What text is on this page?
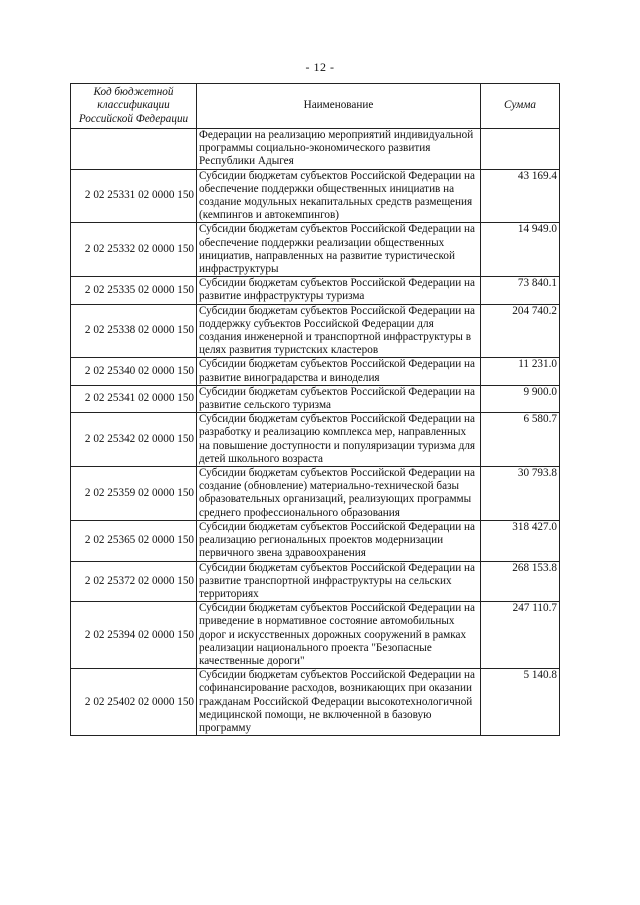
- 12 -
Код бюджетной классификации Российской Федерации	Наименование	Сумма
	Федерации на реализацию мероприятий индивидуальной программы социально-экономического развития Республики Адыгея	
2 02 25331 02 0000 150	Субсидии бюджетам субъектов Российской Федерации на обеспечение поддержки общественных инициатив на создание модульных некапитальных средств размещения (кемпингов и автокемпингов)	43 169.4
2 02 25332 02 0000 150	Субсидии бюджетам субъектов Российской Федерации на обеспечение поддержки реализации общественных инициатив, направленных на развитие туристической инфраструктуры	14 949.0
2 02 25335 02 0000 150	Субсидии бюджетам субъектов Российской Федерации на развитие инфраструктуры туризма	73 840.1
2 02 25338 02 0000 150	Субсидии бюджетам субъектов Российской Федерации на поддержку субъектов Российской Федерации для создания инженерной и транспортной инфраструктуры в целях развития туристских кластеров	204 740.2
2 02 25340 02 0000 150	Субсидии бюджетам субъектов Российской Федерации на развитие виноградарства и виноделия	11 231.0
2 02 25341 02 0000 150	Субсидии бюджетам субъектов Российской Федерации на развитие сельского туризма	9 900.0
2 02 25342 02 0000 150	Субсидии бюджетам субъектов Российской Федерации на разработку и реализацию комплекса мер, направленных на повышение доступности и популяризации туризма для детей школьного возраста	6 580.7
2 02 25359 02 0000 150	Субсидии бюджетам субъектов Российской Федерации на создание (обновление) материально-технической базы образовательных организаций, реализующих программы среднего профессионального образования	30 793.8
2 02 25365 02 0000 150	Субсидии бюджетам субъектов Российской Федерации на реализацию региональных проектов модернизации первичного звена здравоохранения	318 427.0
2 02 25372 02 0000 150	Субсидии бюджетам субъектов Российской Федерации на развитие транспортной инфраструктуры на сельских территориях	268 153.8
2 02 25394 02 0000 150	Субсидии бюджетам субъектов Российской Федерации на приведение в нормативное состояние автомобильных дорог и искусственных дорожных сооружений в рамках реализации национального проекта "Безопасные качественные дороги"	247 110.7
2 02 25402 02 0000 150	Субсидии бюджетам субъектов Российской Федерации на софинансирование расходов, возникающих при оказании гражданам Российской Федерации высокотехнологичной медицинской помощи, не включенной в базовую программу	5 140.8
